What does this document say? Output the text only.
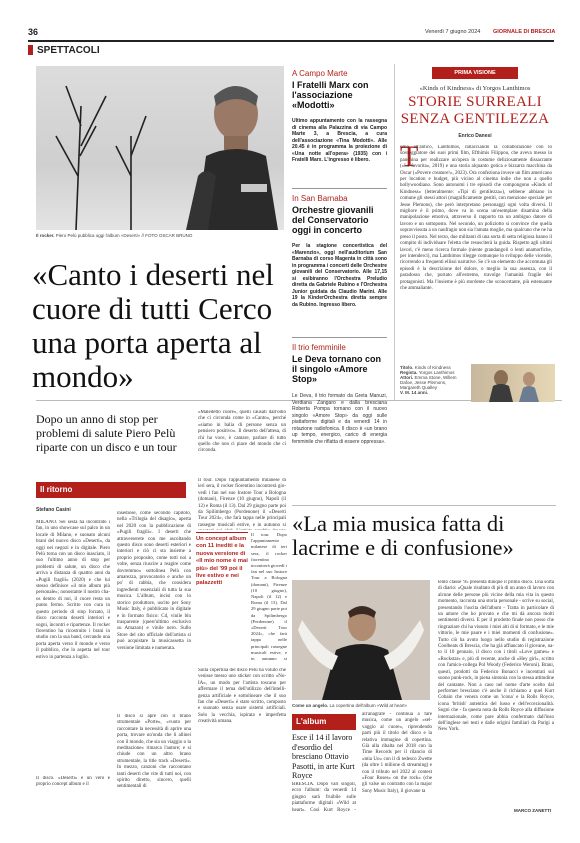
36	Venerdì 7 giugno 2024 GIORNALE DI BRESCIA
SPETTACOLI
Il rocker. Piero Pelù pubblica oggi l'album «Deserti» // FOTO OSCAR BRUNO
«Canto i deserti nel cuore di tutti Cerco una porta aperta al mondo»
Dopo un anno di stop per problemi di salute Piero Pelù riparte con un disco e un tour
Il ritorno
Stefano Casini

MILANO. Sei sesla ha incontrato i fan, in uno showcase sul palco in un locale di Milano, e suonato alcuni brani del nuovo disco «Deserti», da oggi nei negozi e in digitale. Piero Pelù torna con un disco inasciato, il suo l'ultimo anno di stop per problemi di salute, un disco che arriva a distanza di quattro anni da «Pugili fragili» (2020) e che lui stesso definisce «il mio album più personale»; nonostante il nostro chaos dentro di noi, il cuore resta un punto fermo. Scritto con cura in questo periodo di stop forzato, il disco racconta deserti interiori e sogni, incontri e ripartenze. Il rocker fiorentino ha ricostruito i brani in studio con la sua band, cercando una porta aperta verso il mondo e verso il pubblico, che lo aspetta nel tour estivo in partenza a luglio.

Il disco. «Deserti» è un vero e proprio concept album e il

insediose, come secondo capitolo, nella «Trilogia del disagio», aperta nel 2020 con la pubblicazione di «Pugili fragili». I deserti che attraverserete con me ascoltando questo disco sono deserti esteriori e interiori e ciò ci sta insieme a proprio proposito, come tutti noi a volte, senza riuscire a reagire come dovremmo» sottolinea Pelù con amarezza, provocatorio e anche un po' di rabbia, che considera ingredienti essenziali di tutta la sua musica. L'album, incisi con lo storico produttore, uscito per Sony Music Italy, è pubblicato in digitale e in formato fisico: Cd, vinile blu trasparente (quest'ultimo esclusivo su Amazon) e vinile nero. Sullo Store del sito ufficiale dell'artista si può acquistare la musicassetta in versione limitata e numerata.

Il disco si apre con il brano strumentale «Porte», «vuoto per raccontare la necessità di aprire una porta, trovare un'onda che li allinei con il mondo, che sia un viaggio o la meditazione» rimarca l'autore; e si chiude con un altro brano strumentale, la title track «Deserti». In mezzo, canzoni che raccontano tanti deserti che vite di tutti noi, con spirito diretto, sincero, quelli sentimentali di

«Maledetto cuore», quelli causati dall'odio che ci circonda come in «Canto», perché «siamo in balia di persone senza un pensiero positivo». Il deserto dell'attesa, di chi ha voce, è cantare, parlare di tutto quello che non ci piace del mondo che ci circonda.

Il tour. Dopo l'appuntamento milanese di ieri sera, il rocker fiorentino incontrerà giovedì i fan nel suo Instore Tour a Bologna (domani), Firenze (10 giugno), Napoli (il 12) e Roma (il 13). Dal 29 giugno parte poi da Spilimbergo (Pordenone) il «Deserti Tour 2024», che farà tappa nelle principali rassegne musicali estive, e in autunno si

Un concept album con 11 inediti e la nuova versione di «Il mio nome è mai più» del '99 poi il live estivo e nei palazzetti

Il tour. Dopo l'appuntamento milanese di ieri sera, il rocker fiorentino incontrerà giovedì i fan nel suo Instore Tour a Bologna (domani), Firenze (10 giugno), Napoli (il 12) e Roma (il 13). Dal 29 giugno parte poi da Spilimbergo (Pordenone) il «Deserti Tour 2024», che farà tappa nelle principali rassegne musicali estive, e in autunno si

Sulla copertina del disco Pelù ha voluto che venisse messo uno sticker con scritto «No-IA», un modo per l'artista toscano per affermare il tema dell'utilizzo dell'intelligenza artificiale e sottolineare che il suo fan che «Deserti» è stato scritto, composto e suonato senza usare sistemi artificiali. Solo la vecchia, ispirata e imperfetta creatività umana.

A Campo Marte
I Fratelli Marx con l'associazione «Modotti»
Ultimo appuntamento con la rassegna di cinema alla Palazzina di via Campo Marte 3, a Brescia, a cura dell'associazione «Tina Modotti». Alle 20.45 è in programma la proiezione di «Una notte all'opera» (1935) con i Fratelli Marx. L'ingresso è libero.
In San Barnaba
Orchestre giovanili del Conservatorio oggi in concerto
Per la stagione concertistica del «Marenzio», oggi nell'auditorium San Barnaba di corso Magenta in città sono in programma i concerti delle Orchestre giovanili del Conservatorio. Alle 17,15 si esibiranno l'Orchestra Preludio diretta da Gabriele Rubino e l'Orchestra Junior guidata da Claudio Marini. Alle 19 la KinderOrchestra diretta sempre da Rubino. Ingresso libero.
Il trio femminile
Le Deva tornano con il singolo «Amore Stop»
Le Deva, il trio formato da Greta Manuzi, Verdiana Zangaro e dalla bresciana Roberta Pompa tornano con il nuovo singolo «Amore Stop» da oggi sulle piattaforme digitali e da venerdì 14 in rotazione radiofonica. Il disco è «un brano up tempo, energico, carico di energia femminile che riflatta di essere oppressa».
PRIMA VISIONE
«Kinds of Kindness» di Yorgos Lanthimos
STORIE SURREALI SENZA GENTILEZZA
Enrico Danesi
T

orna all'antico, Lanthimos, rallacciando la collaborazione con lo sceneggiatore dei suoi primi film, Efthimis Filippou, che aveva messo in panchina per realizzare un'opera in costume deliziosamente dissacrante («La favorita», 2019) e una storia alquanto gotica e bizzarra macchina da Oscar («Povere creature!», 2023). Ora confeziona invece un film americano per location e budget, più vicino al cinema indie che non a quello hollywoodiano. Sono autonomi i tre episodi che compongono «Kinds of Kindness» (letteralmente: «Tipi di gentilezza»), sebbene abbiano in comune gli stessi attori (magnificamente gestiti, con menzione speciale per Jesse Plemons), che però interpretano personaggi ogni volta diversi. Il migliore è il primo, dove va in scena un'esemplare disamina della manipolazione emotiva, attraverso il rapporto tra un ambiguo datore di lavoro e un sottoposto. Nel secondo, un poliziotto si convince che quella sopravvissuta a un naufragio non sia l'amata moglie, ma qualcuno che ne ha preso il posto. Nel terzo, due militanti di una sorta di setta religiosa hanno il compito di individuare l'eletta che resusciterà la guida. Rispetto agli ultimi lavori, c'è meno ricerca formale (niente grandangoli o lenti anamorfiche, per intenderci), ma Lanthimos rilegge comunque lo sviluppo delle vicende, ricorrendo a frequenti ellissi narrative. Se c'è un elemento che accomuna gli episodi è la descrizione del dolore, o meglio la sua assenza, con il paradosso che, portato all'estremo, travolge l'umanità fragile dei protagonisti. Ma l'insieme è più stordente che sconcertante, più estenuante che ammaliante.

Titolo. Kinds of Kindness
Regista. Yorgos Lanthimos
Attori. Emma Stone, Willem Dafoe, Jesse Plemons, Margareth Qualley
V. M. 14 anni.
«La mia musica fatta di lacrime e di confusione»
Come un angelo. La copertina dell'album «Wild at heart»
L'album
Esce il 14 il lavoro d'esordio del bresciano Ottavio Pasotti, in arte Kurt Royce

BRESCIA. Dopo vari singoli, ecco l'album: da venerdì 14 giugno sarà fruibile sulle piattaforme digitali «Wild at heart». Così Kurt Royce -

all'anagrafe - continua a fare musica, come un angelo «selvaggio al cuore», riprendendo parti più il titolo del disco e la relativa immagine di copertina. Già alla ribalta nel 2018 con la Time Records per il rilancio di «mia Uo» con il di tedesco Zwette (da oltre 1 milione di streaming) e con il tributo nel 2022 al contest «Four Roses» on the rock» (che gli valse un contratto con la major Sony Music Italy), il giovane ta

lento classe '95 presenta dunque il primo disco. Una sorta di diario: «Quale risultato di più di un anno di lavoro con alcune delle persone più vicine della mia vita in questo momento, racconta una storia personale - scrive su social, presentando l'uscita dell'album - Tratta in particolare di un amore che ho provato e che mi dà ancora molti sentimenti diversi. E per il prodotto finale non posso che ringraziare chi ha vissuto i miei alti di si formato, e le mie vittorie, le mie paure e i miei momenti di confusione». Tutto ciò ha avuto luogo nello studio di registrazione Coolbeats di Brescia, che ha già affiancato il giovane, nato il 10 gennaio, il disco con i titoli «Love games» e «Rockstar» e, più di recente, anche di «Hey girl», scritto con l'amico-collega Pol Woody (Federico Weroni). Brani, questi, prodotti da Federico Bonacci e incentrati sul suono punk-rock, in piena sintonia con la stessa attitudine del cantante. Non a caso nel nome d'arte scelto dal performer bresciano c'è anche il richiamo a quel Kurt Cobain che venera come un 'icona' e la Rolls Royce, icona 'british' autentica del lusso e dell'eccezionalità. Sogni che - fa questa nota da Rolls Royce alla diffusione internazionale, come pare abbia confermato dall'inso dell'inglese nei testi e dalle origini familiari da Parigi a New York.

MARCO ZANETTI
